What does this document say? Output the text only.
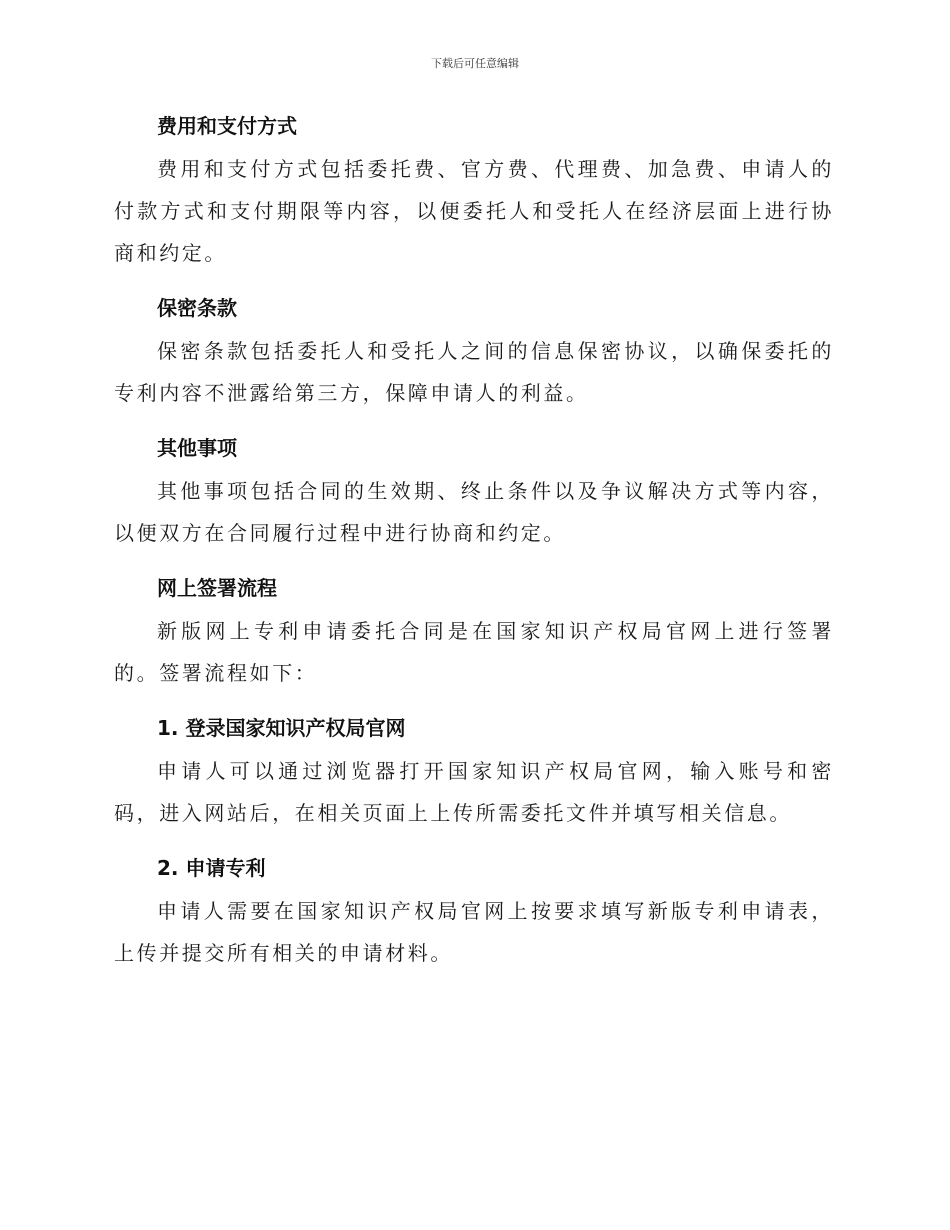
下载后可任意编辑
费用和支付方式

费用和支付方式包括委托费、官方费、代理费、加急费、申请人的付款方式和支付期限等内容，以便委托人和受托人在经济层面上进行协商和约定。

保密条款

保密条款包括委托人和受托人之间的信息保密协议，以确保委托的专利内容不泄露给第三方，保障申请人的利益。

其他事项

其他事项包括合同的生效期、终止条件以及争议解决方式等内容，以便双方在合同履行过程中进行协商和约定。

网上签署流程

新版网上专利申请委托合同是在国家知识产权局官网上进行签署的。签署流程如下：

1. 登录国家知识产权局官网

申请人可以通过浏览器打开国家知识产权局官网，输入账号和密码，进入网站后，在相关页面上上传所需委托文件并填写相关信息。

2. 申请专利

申请人需要在国家知识产权局官网上按要求填写新版专利申请表，上传并提交所有相关的申请材料。
